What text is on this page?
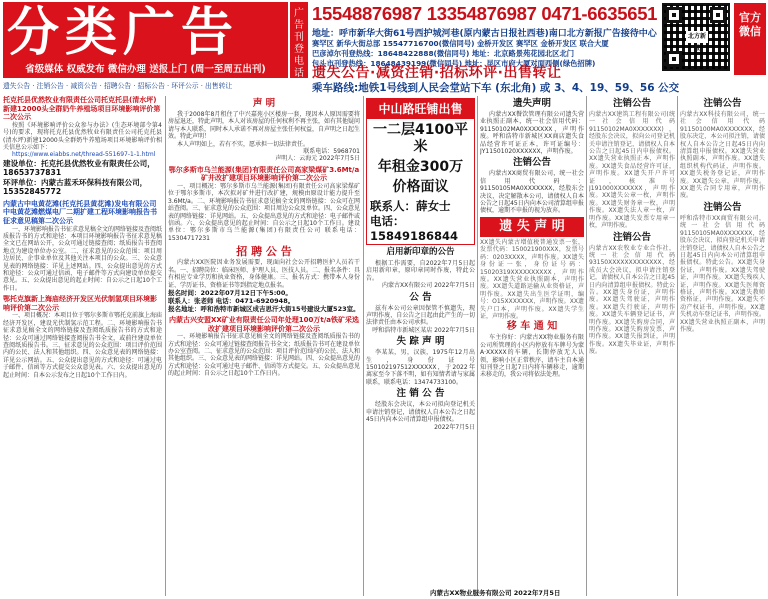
分类广告
省级媒体 权威发布 微信办理 送报上门 (周一至周五出刊)
广告刊登电话
15548876987 13354876987 0471-6635651
地址：呼市新华大街61号西护城河巷(原内蒙古日报社西巷)南口北方新报广告接待中心
赛罕区 新华大街总部 15547716700(微信同号) 金桥开发区 赛罕区 金桥开发区 联合大厦
巴彦淖尔刊登热线：18648422888(微信同号) 地址：北京路景苑花园北区北门
包头市刊登热线：18648439199(微信同号) 地址：昆区市府大厦对面西侧(绿色招牌)
遗失公告·减资注销·招标环评·出售转让
乘车路线:地铁1号线到人民会堂站下车 (东北角) 或 3、4、19、59、56 公交
遗失公告 · 注销公告 · 减资公告 · 招聘公告 · 招标公告 · 环评公示 · 出售转让
北方新报
官方微信
托克托县优然牧业有限责任公司托克托县(清水坪)新建12000头全群奶牛养殖场项目环境影响评价第二次公示
按照《环境影响评价公众参与办法》(生态环境部令第4号)的要求，现将托克托县优然牧业有限责任公司托克托县(清水坪)新建12000头全群奶牛养殖场项目环境影响评价相关信息公示如下：
https://www.eiabbs.net/thread-551697-1-1.html
建设单位：托克托县优然牧业有限责任公司，18653737831
环评单位：内蒙古蓝禾环保科技有限公司，15352845772
内蒙古中电黄花滩(托克托县黄花滩)发电有限公司 中电黄花滩燃煤电厂二期扩建工程环境影响报告书征求意见稿第二次公示
一、环境影响报告书征求意见稿全文的网络链接及查阅纸质报告书的方式和途径：本项目环境影响报告书征求意见稿全文已在网站公开，公众可通过链接查阅；纸质报告书查阅地点为建设单位办公室。二、征求意见的公众范围：项目周边居民、企事业单位及其他关注本项目的公众。三、公众意见表的网络链接：详见上述网站。四、公众提出意见的方式和途径：公众可通过信函、电子邮件等方式向建设单位提交意见。五、公众提出意见的起止时间：自公示之日起10个工作日。
鄂托克旗新上海庙经济开发区光伏制氢项目环境影响评价第二次公示
一、项目概况：本项目位于鄂尔多斯市鄂托克前旗上海庙经济开发区，建设光伏制氢示范工程。二、环境影响报告书征求意见稿全文的网络链接及查阅纸质报告书的方式和途径：公众可通过网络链接查阅报告书全文，或前往建设单位查阅纸质报告书。三、征求意见的公众范围：项目评价范围内的公民、法人和其他组织。四、公众意见表的网络链接：详见公示网站。五、公众提出意见的方式和途径：可通过电子邮件、信函等方式提交公众意见表。六、公众提出意见的起止时间：自本公示发布之日起10个工作日内。
声 明
我于2008年8月租住了中兴嘉苑小区楼房一套，现因本人原因需要将房屋退还，特此声明，本人对该房屋的任何权利不再主张，如有其他疑问请与本人联系，同时本人承诺不再对房屋主张任何权益，自声明之日起生效。特此声明！
本人声明如上，若有不实，愿承担一切法律责任。
联系电话：5968701
声明人：云海元 2022年7月5日
鄂尔多斯市乌兰能源(集团)有限责任公司高家梁煤矿3.6Mt/a矿井改扩建项目环境影响评价第二次公示
一、项目概况：鄂尔多斯市乌兰能源(集团)有限责任公司高家梁煤矿位于鄂尔多斯市，本次拟对矿井进行改扩建，规模由原设计能力提升至3.6Mt/a。二、环境影响报告书征求意见稿全文的网络链接：公众可在网站查阅。三、征求意见的公众范围：项目周边公众及单位。四、公众意见表的网络链接：详见网站。五、公众提出意见的方式和途径：电子邮件或信函。六、公众提出意见的起止时间：自公示之日起10个工作日。建设单位：鄂尔多斯市乌兰能源(集团)有限责任公司 联系电话：15304717231
招 聘 公 告
内蒙古XX医院因业务发展需要，现面向社会公开招聘医护人员若干名。一、招聘岗位：临床医师、护理人员、医技人员。二、报名条件：具有相应专业学历和执业资格，身体健康。三、报名方式：携带本人身份证、学历证书、资格证书等到指定地点报名。
报名时间：2022年07月12日下午5:00。
联系人：张老师 电话：0471-6920948。
报名地址：呼和浩特市新城区成吉思汗大街15号建设大厦523室。
内蒙古兴安盟XX矿业有限责任公司年处理100万t/a铁矿采选改扩建项目环境影响评价第二次公示
一、环境影响报告书征求意见稿全文的网络链接及查阅纸质报告书的方式和途径：公众可通过链接查阅报告书全文；纸质报告书可在建设单位办公室查阅。二、征求意见的公众范围：项目评价范围内的公民、法人和其他组织。三、公众意见表的网络链接：详见网站。四、公众提出意见的方式和途径：公众可通过电子邮件、信函等方式提交。五、公众提出意见的起止时间：自公示之日起10个工作日内。
中山路旺铺出售
一二层4100平米
年租金300万
价格面议
联系人：薛女士
电话：15849186844
启用新印章的公告
根据工作需要，自2022年7月5日起启用新印章，原印章同时作废，特此公告。
内蒙古XX有限公司 2022年7月5日
公 告
兹有本公司公章因保管不慎遗失，现声明作废，自公告之日起由此产生的一切法律责任由本公司承担。
呼和浩特市新城区某店 2022年7月5日
失 踪 声 明
李某某，男，汉族，1975年12月出生，身份证号150102197512XXXXXX，于2022年离家至今下落不明，如有知情者请与家属联系，联系电话：13474733100。
注 销 公 告
经股东会决议，本公司拟向登记机关申请注销登记，请债权人自本公告之日起45日内向本公司清算组申报债权。
2022年7月5日
遗失声明
内蒙古XX餐饮管理有限公司遗失营业执照正副本，统一社会信用代码：91150102MA0XXXXXXX，声明作废。呼和浩特市新城区XX商店遗失食品经营许可证正本，许可证编号：JY11501020XXXXXX，声明作废。
注销公告
内蒙古XX商贸有限公司，统一社会信用代码：91150105MA0XXXXXXX，经股东会决议，决定解散本公司，请债权人自本公告之日起45日内向本公司清算组申报债权，逾期不申报的视为放弃。
遗 失 声 明
XX遗失内蒙古增值税普通发票一张，发票代码：150021900XXX，发票号码：0203XXXX，声明作废。XX遗失身份证一张，身份证号码：15020319XXXXXXXXXX，声明作废。XX遗失营业执照副本，声明作废。XX遗失道路运输从业资格证，声明作废。XX遗失出生医学证明，编号：O15XXXXXXX，声明作废。XX遗失户口本，声明作废。XX遗失学生证，声明作废。
移 车 通 知
车主你好：内蒙古XX物业服务有限公司所管理的小区内停放有车牌号为蒙A·XXXXX的车辆，长期停放无人认领，影响小区正常秩序，请车主自本通知刊登之日起7日内将车辆移走，逾期未移走的，我公司将依法处理。
内蒙古XX物业服务有限公司 2022年7月5日
注销公告
内蒙古XX建筑工程有限公司(统一社会信用代码91150102MA0XXXXXXX)，经股东会决议，拟向公司登记机关申请注销登记，请债权人自本公告之日起45日内申报债权。XX遗失营业执照正本，声明作废。XX遗失食品经营许可证，声明作废。XX遗失开户许可证，核准号J191000XXXXXXX，声明作废。XX遗失公章一枚，声明作废。XX遗失财务章一枚，声明作废。XX遗失法人章一枚，声明作废。XX遗失发票专用章一枚，声明作废。
注销公告
内蒙古XX农牧业专业合作社，统一社会信用代码93150XXXXXXXXXXXXX，经成员大会决议，拟申请注销登记，请债权人自本公告之日起45日内向清算组申报债权。特此公告。XX遗失身份证，声明作废。XX遗失驾驶证，声明作废。XX遗失行驶证，声明作废。XX遗失车辆登记证书，声明作废。XX遗失购房合同，声明作废。XX遗失购房发票，声明作废。XX遗失报到证，声明作废。XX遗失毕业证，声明作废。
注销公告
内蒙古XX科技有限公司，统一社会信用代码91150100MA0XXXXXXX，经股东决定，本公司拟注销，请债权人自本公告之日起45日内向清算组申报债权。XX遗失营业执照副本，声明作废。XX遗失组织机构代码证，声明作废。XX遗失税务登记证，声明作废。XX遗失公章，声明作废。XX遗失合同专用章，声明作废。
注销公告
呼和浩特市XX商贸有限公司，统一社会信用代码91150105MA0XXXXXXX，经股东会决议，拟向登记机关申请注销登记，请债权人自本公告之日起45日内向本公司清算组申报债权。特此公告。XX遗失身份证，声明作废。XX遗失驾驶证，声明作废。XX遗失残疾人证，声明作废。XX遗失医师资格证，声明作废。XX遗失教师资格证，声明作废。XX遗失不动产权证书，声明作废。XX遗失机动车登记证书，声明作废。XX遗失营业执照正副本，声明作废。
